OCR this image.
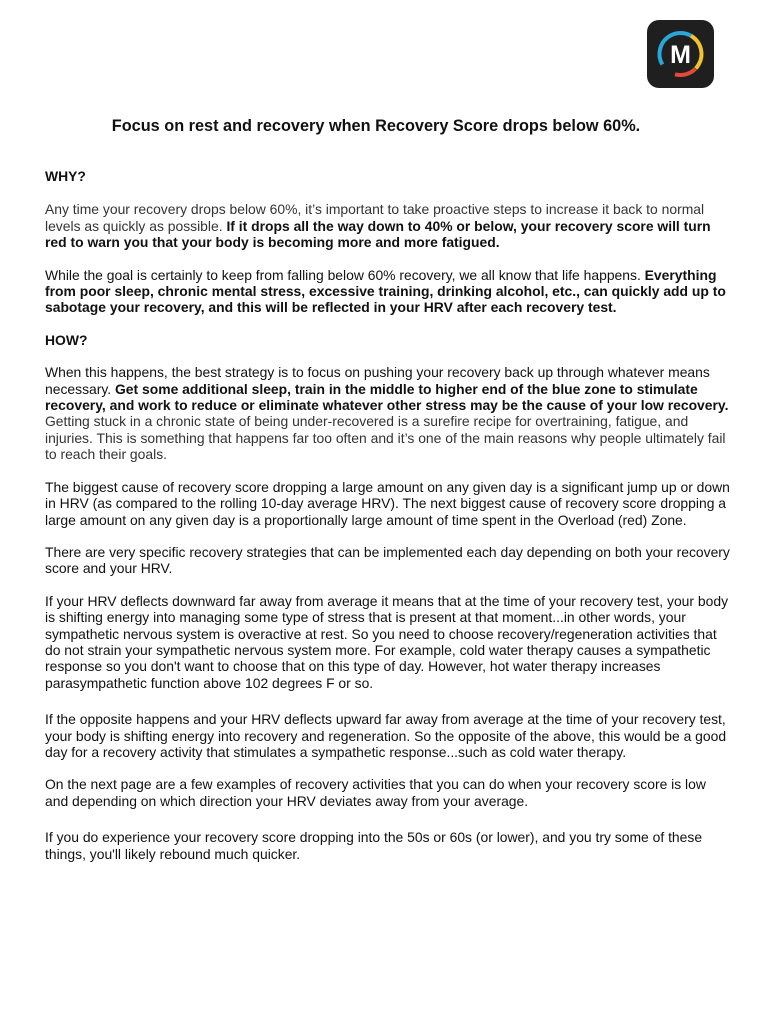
M
Focus on rest and recovery when Recovery Score drops below 60%.

WHY?

Any time your recovery drops below 60%, it’s important to take proactive steps to increase it back to normal levels as quickly as possible. If it drops all the way down to 40% or below, your recovery score will turn red to warn you that your body is becoming more and more fatigued.

While the goal is certainly to keep from falling below 60% recovery, we all know that life happens. Everything from poor sleep, chronic mental stress, excessive training, drinking alcohol, etc., can quickly add up to sabotage your recovery, and this will be reflected in your HRV after each recovery test.

HOW?

When this happens, the best strategy is to focus on pushing your recovery back up through whatever means necessary. Get some additional sleep, train in the middle to higher end of the blue zone to stimulate recovery, and work to reduce or eliminate whatever other stress may be the cause of your low recovery. Getting stuck in a chronic state of being under-recovered is a surefire recipe for overtraining, fatigue, and injuries. This is something that happens far too often and it’s one of the main reasons why people ultimately fail to reach their goals.

The biggest cause of recovery score dropping a large amount on any given day is a significant jump up or down in HRV (as compared to the rolling 10-day average HRV). The next biggest cause of recovery score dropping a large amount on any given day is a proportionally large amount of time spent in the Overload (red) Zone.

There are very specific recovery strategies that can be implemented each day depending on both your recovery score and your HRV.

If your HRV deflects downward far away from average it means that at the time of your recovery test, your body is shifting energy into managing some type of stress that is present at that moment...in other words, your sympathetic nervous system is overactive at rest. So you need to choose recovery/regeneration activities that do not strain your sympathetic nervous system more. For example, cold water therapy causes a sympathetic response so you don't want to choose that on this type of day. However, hot water therapy increases parasympathetic function above 102 degrees F or so.

If the opposite happens and your HRV deflects upward far away from average at the time of your recovery test, your body is shifting energy into recovery and regeneration. So the opposite of the above, this would be a good day for a recovery activity that stimulates a sympathetic response...such as cold water therapy.

On the next page are a few examples of recovery activities that you can do when your recovery score is low and depending on which direction your HRV deviates away from your average.

If you do experience your recovery score dropping into the 50s or 60s (or lower), and you try some of these things, you'll likely rebound much quicker.
